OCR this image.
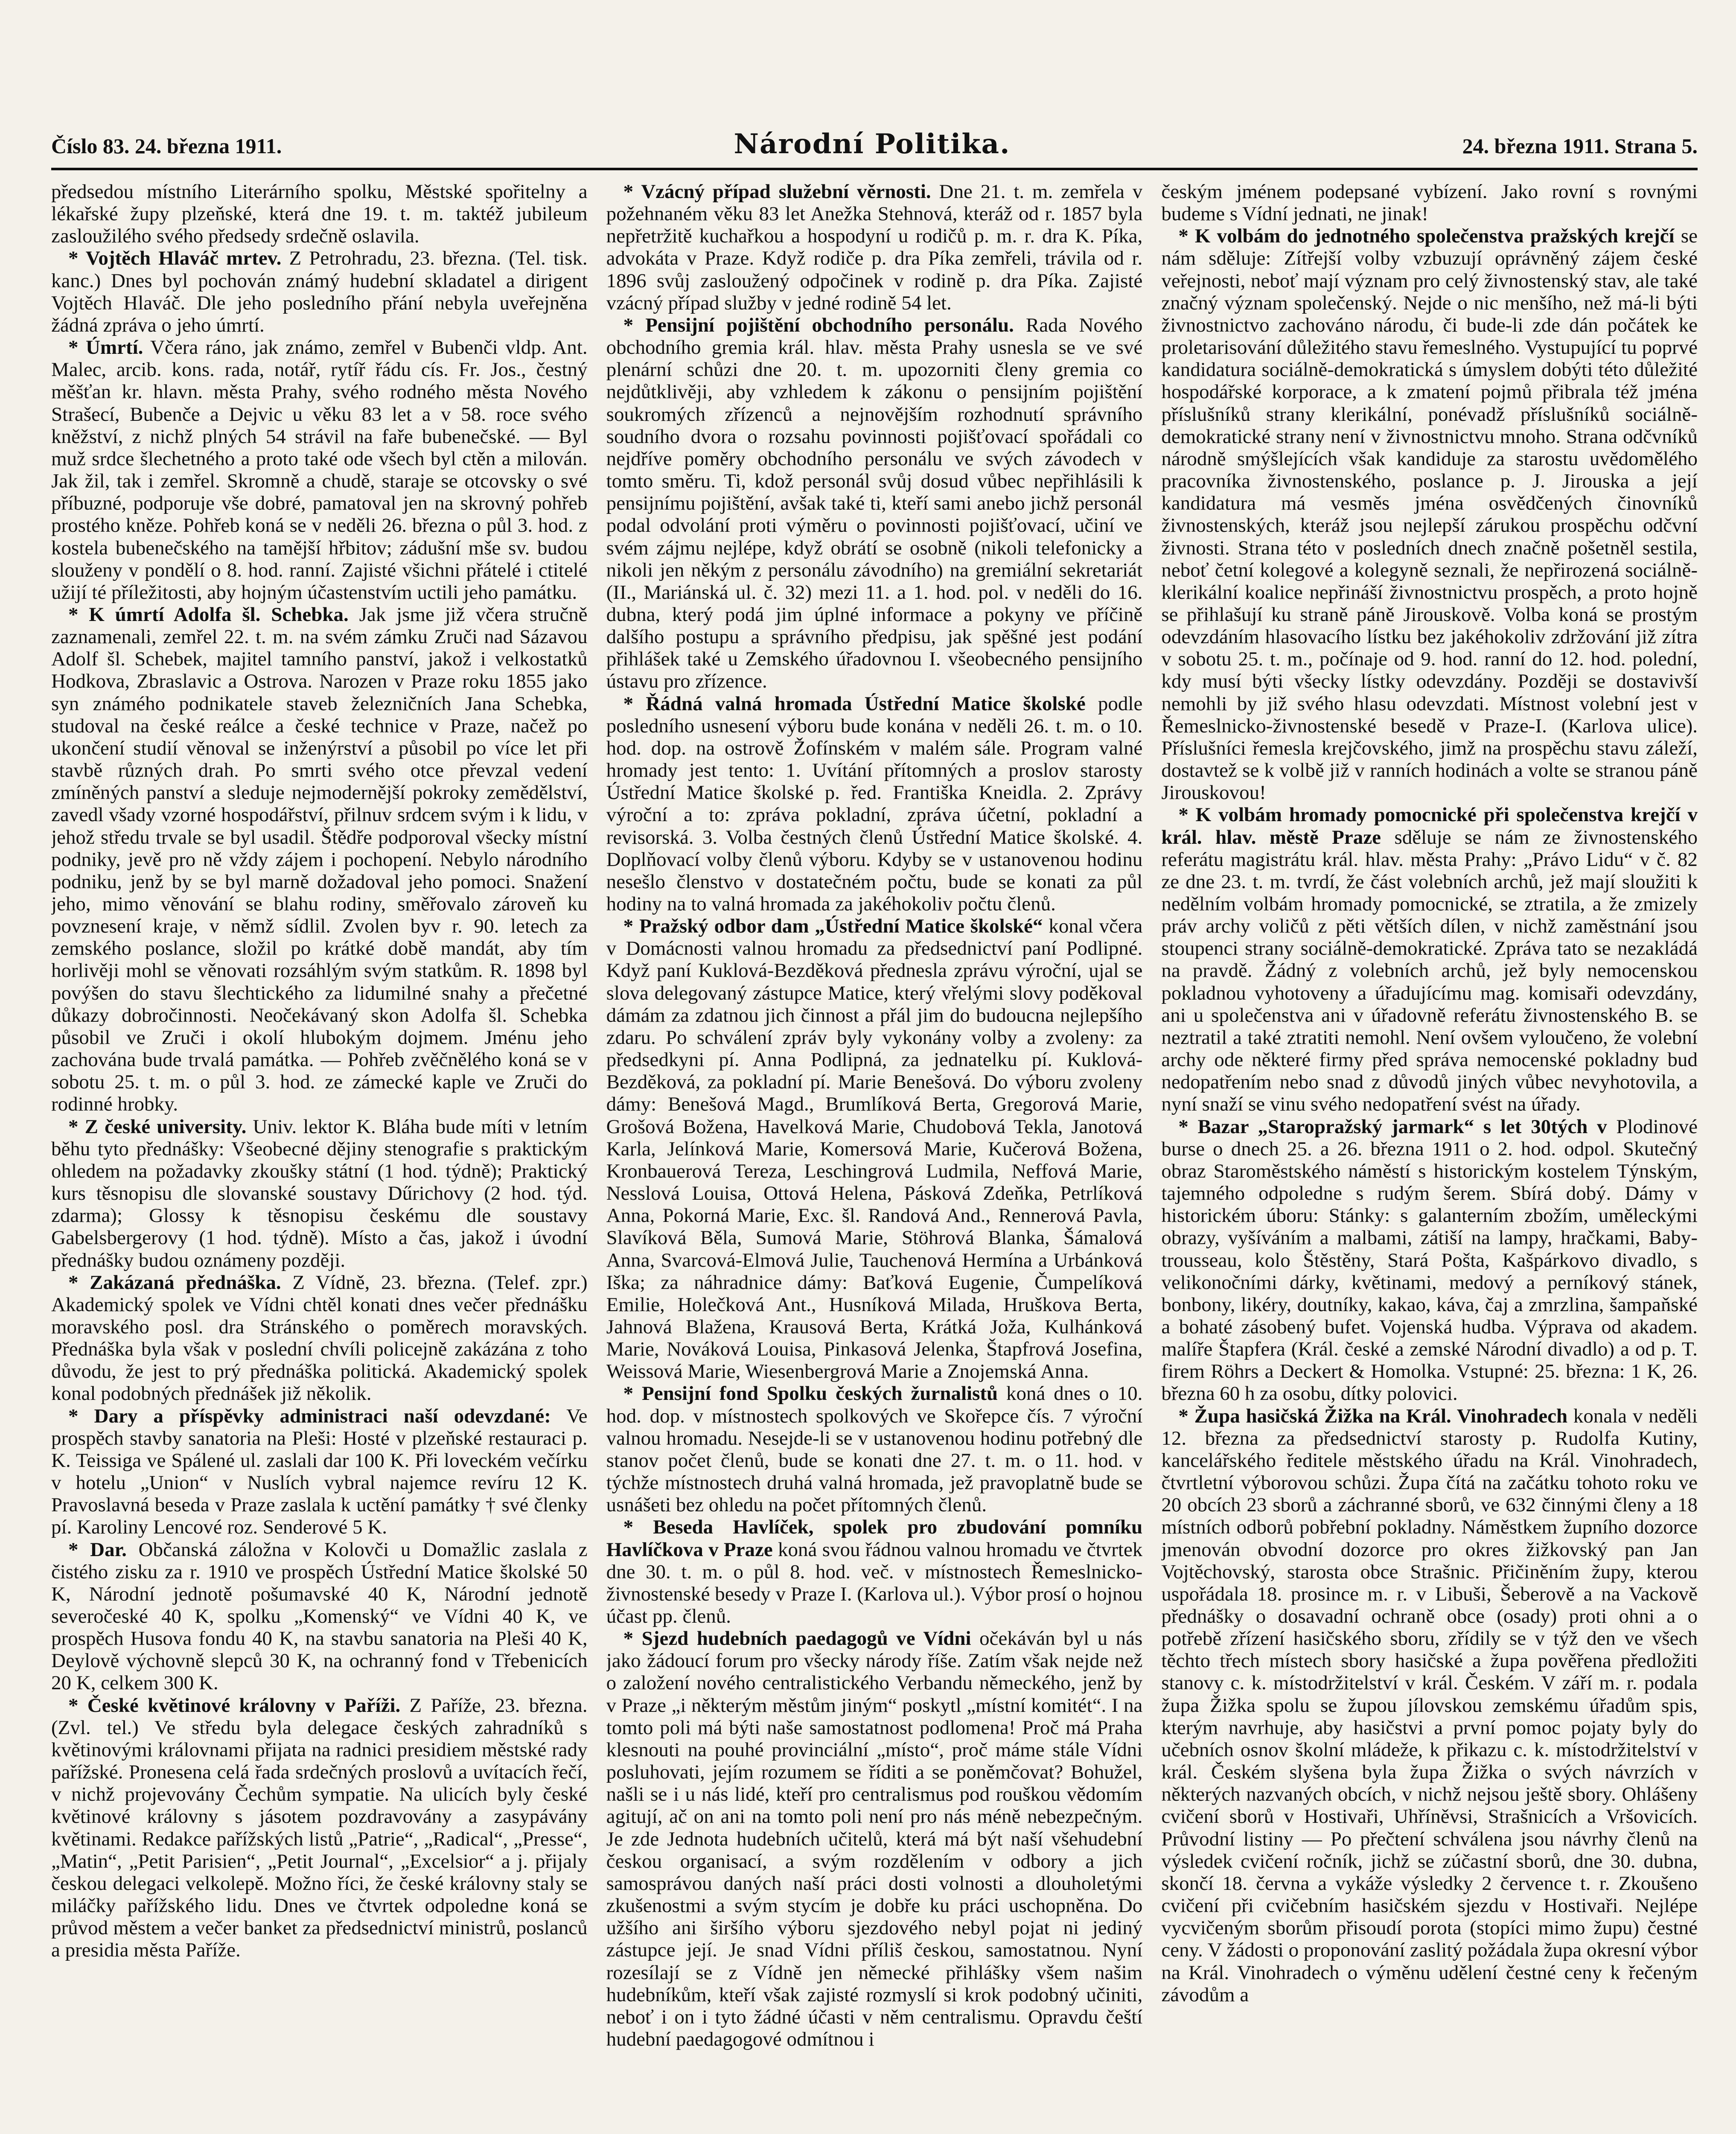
Číslo 83. 24. března 1911.	Národní Politika.	24. března 1911. Strana 5.

předsedou místního Literárního spolku, Městské spořitelny a lékařské župy plzeňské, která dne 19. t. m. taktéž jubileum zasloužilého svého předsedy srdečně oslavila.

* Vojtěch Hlaváč mrtev. Z Petrohradu, 23. března. (Tel. tisk. kanc.) Dnes byl pochován známý hudební skladatel a dirigent Vojtěch Hlaváč. Dle jeho posledního přání nebyla uveřejněna žádná zpráva o jeho úmrtí.

* Úmrtí. Včera ráno, jak známo, zemřel v Bubenči vldp. Ant. Malec, arcib. kons. rada, notář, rytíř řádu cís. Fr. Jos., čestný měšťan kr. hlavn. města Prahy, svého rodného města Nového Strašecí, Bubenče a Dejvic u věku 83 let a v 58. roce svého kněžství, z nichž plných 54 strávil na faře bubenečské. — Byl muž srdce šlechetného a proto také ode všech byl ctěn a milován. Jak žil, tak i zemřel. Skromně a chudě, staraje se otcovsky o své příbuzné, podporuje vše dobré, pamatoval jen na skrovný pohřeb prostého kněze. Pohřeb koná se v neděli 26. března o půl 3. hod. z kostela bubenečského na tamější hřbitov; zádušní mše sv. budou slouženy v pondělí o 8. hod. ranní. Zajisté všichni přátelé i ctitelé užijí té příležitosti, aby hojným účastenstvím uctili jeho památku.

* K úmrtí Adolfa šl. Schebka. Jak jsme již včera stručně zaznamenali, zemřel 22. t. m. na svém zámku Zruči nad Sázavou Adolf šl. Schebek, majitel tamního panství, jakož i velkostatků Hodkova, Zbraslavic a Ostrova. Narozen v Praze roku 1855 jako syn známého podnikatele staveb železničních Jana Schebka, studoval na české reálce a české technice v Praze, načež po ukončení studií věnoval se inženýrství a působil po více let při stavbě různých drah. Po smrti svého otce převzal vedení zmíněných panství a sleduje nejmodernější pokroky zemědělství, zavedl všady vzorné hospodářství, přilnuv srdcem svým i k lidu, v jehož středu trvale se byl usadil. Štědře podporoval všecky místní podniky, jevě pro ně vždy zájem i pochopení. Nebylo národního podniku, jenž by se byl marně dožadoval jeho pomoci. Snažení jeho, mimo věnování se blahu rodiny, směřovalo zároveň ku povznesení kraje, v němž sídlil. Zvolen byv r. 90. letech za zemského poslance, složil po krátké době mandát, aby tím horlivěji mohl se věnovati rozsáhlým svým statkům. R. 1898 byl povýšen do stavu šlechtického za lidumilné snahy a přečetné důkazy dobročinnosti. Neočekávaný skon Adolfa šl. Schebka působil ve Zruči i okolí hlubokým dojmem. Jménu jeho zachována bude trvalá památka. — Pohřeb zvěčnělého koná se v sobotu 25. t. m. o půl 3. hod. ze zámecké kaple ve Zruči do rodinné hrobky.

* Z české university. Univ. lektor K. Bláha bude míti v letním běhu tyto přednášky: Všeobecné dějiny stenografie s praktickým ohledem na požadavky zkoušky státní (1 hod. týdně); Praktický kurs těsnopisu dle slovanské soustavy Dűrichovy (2 hod. týd. zdarma); Glossy k těsnopisu českému dle soustavy Gabelsbergerovy (1 hod. týdně). Místo a čas, jakož i úvodní přednášky budou oznámeny později.

* Zakázaná přednáška. Z Vídně, 23. března. (Telef. zpr.) Akademický spolek ve Vídni chtěl konati dnes večer přednášku moravského posl. dra Stránského o poměrech moravských. Přednáška byla však v poslední chvíli policejně zakázána z toho důvodu, že jest to prý přednáška politická. Akademický spolek konal podobných přednášek již několik.

* Dary a příspěvky administraci naší odevzdané: Ve prospěch stavby sanatoria na Pleši: Hosté v plzeňské restauraci p. K. Teissiga ve Spálené ul. zaslali dar 100 K. Při loveckém večírku v hotelu „Union“ v Nuslích vybral najemce revíru 12 K. Pravoslavná beseda v Praze zaslala k uctění památky † své členky pí. Karoliny Lencové roz. Senderové 5 K.

* Dar. Občanská záložna v Kolovči u Domažlic zaslala z čistého zisku za r. 1910 ve prospěch Ústřední Matice školské 50 K, Národní jednotě pošumavské 40 K, Národní jednotě severočeské 40 K, spolku „Komenský“ ve Vídni 40 K, ve prospěch Husova fondu 40 K, na stavbu sanatoria na Pleši 40 K, Deylově výchovně slepců 30 K, na ochranný fond v Třebenicích 20 K, celkem 300 K.

* České květinové královny v Paříži. Z Paříže, 23. března. (Zvl. tel.) Ve středu byla delegace českých zahradníků s květinovými královnami přijata na radnici presidiem městské rady pařížské. Pronesena celá řada srdečných proslovů a uvítacích řečí, v nichž projevovány Čechům sympatie. Na ulicích byly české květinové královny s jásotem pozdravovány a zasypávány květinami. Redakce pařížských listů „Patrie“, „Radical“, „Presse“, „Matin“, „Petit Parisien“, „Petit Journal“, „Excelsior“ a j. přijaly českou delegaci velkolepě. Možno říci, že české královny staly se miláčky pařížského lidu. Dnes ve čtvrtek odpoledne koná se průvod městem a večer banket za předsednictví ministrů, poslanců a presidia města Paříže.

* Vzácný případ služební věrnosti. Dne 21. t. m. zemřela v požehnaném věku 83 let Anežka Stehnová, kteráž od r. 1857 byla nepřetržitě kuchařkou a hospodyní u rodičů p. m. r. dra K. Píka, advokáta v Praze. Když rodiče p. dra Píka zemřeli, trávila od r. 1896 svůj zasloužený odpočinek v rodině p. dra Píka. Zajisté vzácný případ služby v jedné rodině 54 let.

* Pensijní pojištění obchodního personálu. Rada Nového obchodního gremia král. hlav. města Prahy usnesla se ve své plenární schůzi dne 20. t. m. upozorniti členy gremia co nejdůtklivěji, aby vzhledem k zákonu o pensijním pojištění soukromých zřízenců a nejnovějším rozhodnutí správního soudního dvora o rozsahu povinnosti pojišťovací spořádali co nejdříve poměry obchodního personálu ve svých závodech v tomto směru. Ti, kdož personál svůj dosud vůbec nepřihlásili k pensijnímu pojištění, avšak také ti, kteří sami anebo jichž personál podal odvolání proti výměru o povinnosti pojišťovací, učiní ve svém zájmu nejlépe, když obrátí se osobně (nikoli telefonicky a nikoli jen někým z personálu závodního) na gremiální sekretariát (II., Mariánská ul. č. 32) mezi 11. a 1. hod. pol. v neděli do 16. dubna, který podá jim úplné informace a pokyny ve příčině dalšího postupu a správního předpisu, jak spěšné jest podání přihlášek také u Zemského úřadovnou I. všeobecného pensijního ústavu pro zřízence.

* Řádná valná hromada Ústřední Matice školské podle posledního usnesení výboru bude konána v neděli 26. t. m. o 10. hod. dop. na ostrově Žofínském v malém sále. Program valné hromady jest tento: 1. Uvítání přítomných a proslov starosty Ústřední Matice školské p. řed. Františka Kneidla. 2. Zprávy výroční a to: zpráva pokladní, zpráva účetní, pokladní a revisorská. 3. Volba čestných členů Ústřední Matice školské. 4. Doplňovací volby členů výboru. Kdyby se v ustanovenou hodinu nesešlo členstvo v dostatečném počtu, bude se konati za půl hodiny na to valná hromada za jakéhokoliv počtu členů.

* Pražský odbor dam „Ústřední Matice školské“ konal včera v Domácnosti valnou hromadu za předsednictví paní Podlipné. Když paní Kuklová-Bezděková přednesla zprávu výroční, ujal se slova delegovaný zástupce Matice, který vřelými slovy poděkoval dámám za zdatnou jich činnost a přál jim do budoucna nejlepšího zdaru. Po schválení zpráv byly vykonány volby a zvoleny: za předsedkyni pí. Anna Podlipná, za jednatelku pí. Kuklová-Bezděková, za pokladní pí. Marie Benešová. Do výboru zvoleny dámy: Benešová Magd., Brumlíková Berta, Gregorová Marie, Grošová Božena, Havelková Marie, Chudobová Tekla, Janotová Karla, Jelínková Marie, Komersová Marie, Kučerová Božena, Kronbauerová Tereza, Leschingrová Ludmila, Neffová Marie, Nesslová Louisa, Ottová Helena, Pásková Zdeňka, Petrlíková Anna, Pokorná Marie, Exc. šl. Randová And., Rennerová Pavla, Slavíková Běla, Sumová Marie, Stöhrová Blanka, Šámalová Anna, Svarcová-Elmová Julie, Tauchenová Hermína a Urbánková Iška; za náhradnice dámy: Baťková Eugenie, Čumpelíková Emilie, Holečková Ant., Husníková Milada, Hruškova Berta, Jahnová Blažena, Krausová Berta, Krátká Joža, Kulhánková Marie, Nováková Louisa, Pinkasová Jelenka, Štapfrová Josefina, Weissová Marie, Wiesenbergrová Marie a Znojemská Anna.

* Pensijní fond Spolku českých žurnalistů koná dnes o 10. hod. dop. v místnostech spolkových ve Skořepce čís. 7 výroční valnou hromadu. Nesejde-li se v ustanovenou hodinu potřebný dle stanov počet členů, bude se konati dne 27. t. m. o 11. hod. v týchže místnostech druhá valná hromada, jež pravoplatně bude se usnášeti bez ohledu na počet přítomných členů.

* Beseda Havlíček, spolek pro zbudování pomníku Havlíčkova v Praze koná svou řádnou valnou hromadu ve čtvrtek dne 30. t. m. o půl 8. hod. več. v místnostech Řemeslnicko-živnostenské besedy v Praze I. (Karlova ul.). Výbor prosí o hojnou účast pp. členů.

* Sjezd hudebních paedagogů ve Vídni očekáván byl u nás jako žádoucí forum pro všecky národy říše. Zatím však nejde než o založení nového centralistického Verbandu německého, jenž by v Praze „i některým městům jiným“ poskytl „místní komitét“. I na tomto poli má býti naše samostatnost podlomena! Proč má Praha klesnouti na pouhé provinciální „místo“, proč máme stále Vídni posluhovati, jejím rozumem se říditi a se poněmčovat? Bohužel, našli se i u nás lidé, kteří pro centralismus pod rouškou vědomím agitují, ač on ani na tomto poli není pro nás méně nebezpečným. Je zde Jednota hudebních učitelů, která má být naší všehudební českou organisací, a svým rozdělením v odbory a jich samosprávou daných naší práci dosti volnosti a dlouholetými zkušenostmi a svým stycím je dobře ku práci uschopněna. Do užšího ani širšího výboru sjezdového nebyl pojat ni jediný zástupce její. Je snad Vídni příliš českou, samostatnou. Nyní rozesílají se z Vídně jen německé přihlášky všem našim hudebníkům, kteří však zajisté rozmyslí si krok podobný učiniti, neboť i on i tyto žádné účasti v něm centralismu. Opravdu čeští hudební paedagogové odmítnou i

českým jménem podepsané vybízení. Jako rovní s rovnými budeme s Vídní jednati, ne jinak!

* K volbám do jednotného společenstva pražských krejčí se nám sděluje: Zítřejší volby vzbuzují oprávněný zájem české veřejnosti, neboť mají význam pro celý živnostenský stav, ale také značný význam společenský. Nejde o nic menšího, než má-li býti živnostnictvo zachováno národu, či bude-li zde dán počátek ke proletarisování důležitého stavu řemeslného. Vystupující tu poprvé kandidatura sociálně-demokratická s úmyslem dobýti této důležité hospodářské korporace, a k zmatení pojmů přibrala též jména příslušníků strany klerikální, ponévadž příslušníků sociálně-demokratické strany není v živnostnictvu mnoho. Strana odčvníků národně smýšlejících však kandiduje za starostu uvědomělého pracovníka živnostenského, poslance p. J. Jirouska a její kandidatura má vesměs jména osvědčených činovníků živnostenských, kteráž jsou nejlepší zárukou prospěchu odčvní živnosti. Strana této v posledních dnech značně pošetněl sestila, neboť četní kolegové a kolegyně seznali, že nepřirozená sociálně-klerikální koalice nepřináší živnostnictvu prospěch, a proto hojně se přihlašují ku straně páně Jirouskově. Volba koná se prostým odevzdáním hlasovacího lístku bez jakéhokoliv zdržování již zítra v sobotu 25. t. m., počínaje od 9. hod. ranní do 12. hod. polední, kdy musí býti všecky lístky odevzdány. Později se dostavivší nemohli by již svého hlasu odevzdati. Místnost volební jest v Řemeslnicko-živnostenské besedě v Praze-I. (Karlova ulice). Příslušníci řemesla krejčovského, jimž na prospěchu stavu záleží, dostavtež se k volbě již v ranních hodinách a volte se stranou páně Jirouskovou!

* K volbám hromady pomocnické při společenstva krejčí v král. hlav. městě Praze sděluje se nám ze živnostenského referátu magistrátu král. hlav. města Prahy: „Právo Lidu“ v č. 82 ze dne 23. t. m. tvrdí, že část volebních archů, jež mají sloužiti k nedělním volbám hromady pomocnické, se ztratila, a že zmizely práv archy voličů z pěti větších dílen, v nichž zaměstnání jsou stoupenci strany sociálně-demokratické. Zpráva tato se nezakládá na pravdě. Žádný z volebních archů, jež byly nemocenskou pokladnou vyhotoveny a úřadujícímu mag. komisaři odevzdány, ani u společenstva ani v úřadovně referátu živnostenského B. se neztratil a také ztratiti nemohl. Není ovšem vyloučeno, že volební archy ode některé firmy před správa nemocenské pokladny bud nedopatřením nebo snad z důvodů jiných vůbec nevyhotovila, a nyní snaží se vinu svého nedopatření svést na úřady.

* Bazar „Staropražský jarmark“ s let 30tých v Plodinové burse o dnech 25. a 26. března 1911 o 2. hod. odpol. Skutečný obraz Staroměstského náměstí s historickým kostelem Týnským, tajemného odpoledne s rudým šerem. Sbírá dobý. Dámy v historickém úboru: Stánky: s galanterním zbožím, uměleckými obrazy, vyšíváním a malbami, zátiší na lampy, hračkami, Baby-trousseau, kolo Štěstěny, Stará Pošta, Kašpárkovo divadlo, s velikonočními dárky, květinami, medový a perníkový stánek, bonbony, likéry, doutníky, kakao, káva, čaj a zmrzlina, šampaňské a bohaté zásobený bufet. Vojenská hudba. Výprava od akadem. malíře Štapfera (Král. české a zemské Národní divadlo) a od p. T. firem Röhrs a Deckert & Homolka. Vstupné: 25. března: 1 K, 26. března 60 h za osobu, dítky polovici.

* Župa hasičská Žižka na Král. Vinohradech konala v neděli 12. března za předsednictví starosty p. Rudolfa Kutiny, kancelářského ředitele městského úřadu na Král. Vinohradech, čtvrtletní výborovou schůzi. Župa čítá na začátku tohoto roku ve 20 obcích 23 sborů a záchranné sborů, ve 632 činnými členy a 18 místních odborů pobřební pokladny. Náměstkem župního dozorce jmenován obvodní dozorce pro okres žižkovský pan Jan Vojtěchovský, starosta obce Strašnic. Přičiněním župy, kterou uspořádala 18. prosince m. r. v Libuši, Šeberově a na Vackově přednášky o dosavadní ochraně obce (osady) proti ohni a o potřebě zřízení hasičského sboru, zřídily se v týž den ve všech těchto třech místech sbory hasičské a župa pověřena předložiti stanovy c. k. místodržitelství v král. Českém. V září m. r. podala župa Žižka spolu se župou jílovskou zemskému úřadům spis, kterým navrhuje, aby hasičstvi a první pomoc pojaty byly do učebních osnov školní mládeže, k přikazu c. k. místodržitelství v král. Českém slyšena byla župa Žižka o svých návrzích v některých nazvaných obcích, v nichž nejsou ještě sbory. Ohlášeny cvičení sborů v Hostivaři, Uhříněvsi, Strašnicích a Vršovicích. Průvodní listiny — Po přečtení schválena jsou návrhy členů na výsledek cvičení ročník, jichž se zúčastní sborů, dne 30. dubna, skončí 18. června a vykáže výsledky 2 července t. r. Zkoušeno cvičení při cvičebním hasičském sjezdu v Hostivaři. Nejlépe vycvičeným sborům přisoudí porota (stopíci mimo župu) čestné ceny. V žádosti o proponování zaslitý požádala župa okresní výbor na Král. Vinohradech o výměnu udělení čestné ceny k řečeným závodům a
